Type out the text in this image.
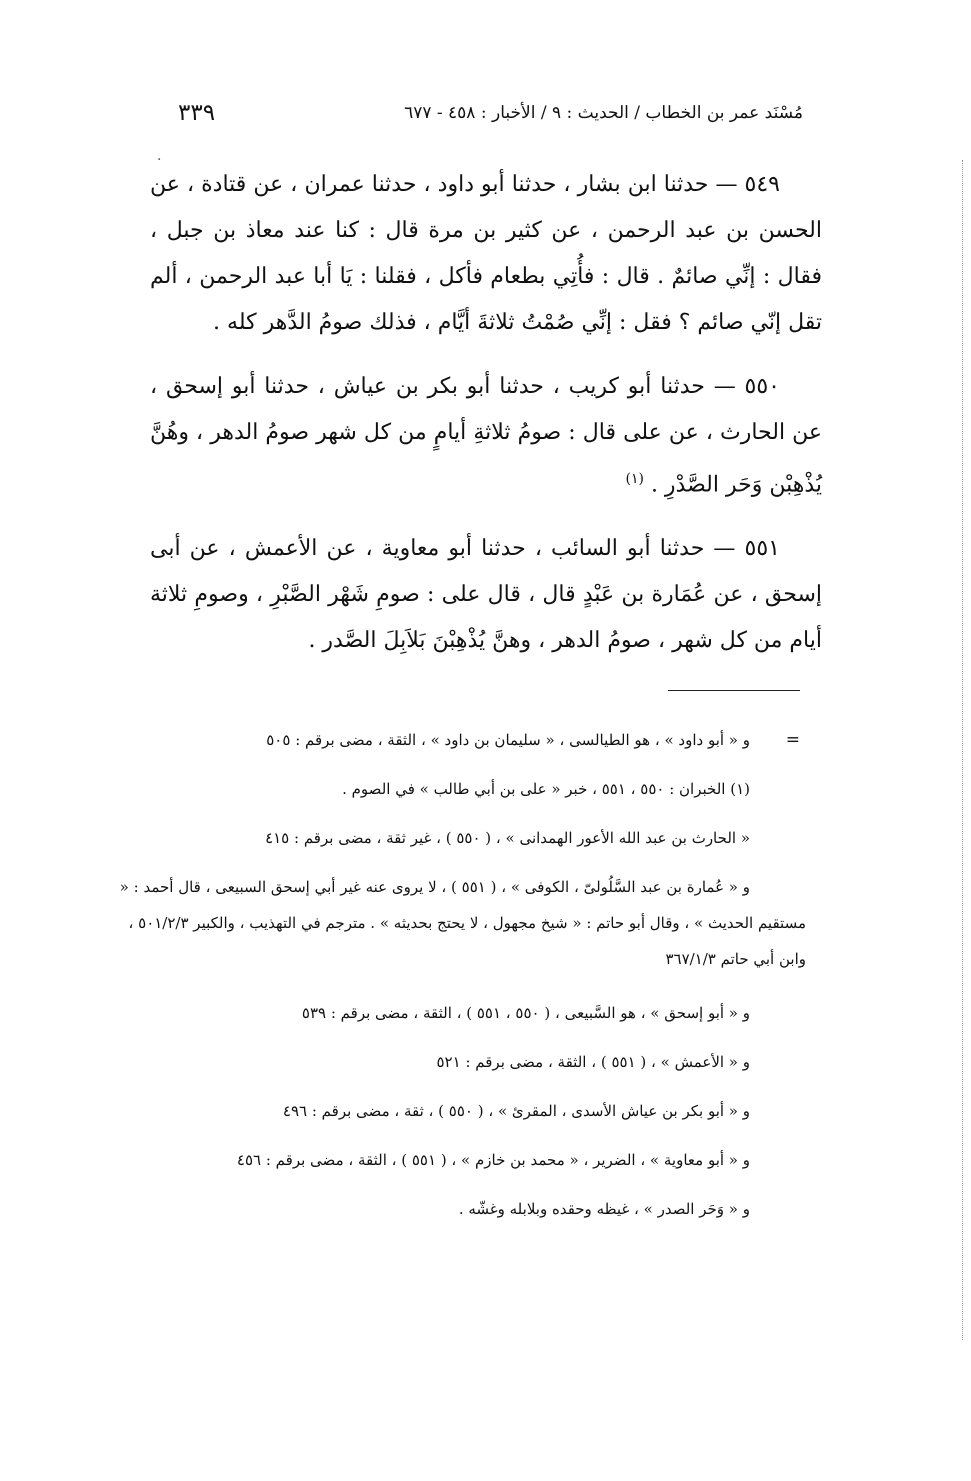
مُسْنَد عمر بن الخطاب / الحديث : ٩ / الأخبار : ٤٥٨ - ٦٧٧
٣٣٩
·

٥٤٩ — حدثنا ابن بشار ، حدثنا أبو داود ، حدثنا عمران ، عن قتادة ، عن الحسن بن عبد الرحمن ، عن كثير بن مرة قال : كنا عند معاذ بن جبل ، فقال : إنِّي صائمٌ . قال : فأُتِي بطعام فأكل ، فقلنا : يَا أبا عبد الرحمن ، ألم تقل إنّي صائم ؟ فقل : إنِّي صُمْتُ ثلاثةَ أيَّام ، فذلك صومُ الدَّهر كله .

٥٥٠ — حدثنا أبو كريب ، حدثنا أبو بكر بن عياش ، حدثنا أبو إسحق ، عن الحارث ، عن على قال : صومُ ثلاثةِ أيامٍ من كل شهر صومُ الدهر ، وهُنَّ يُذْهِبْن وَحَر الصَّدْرِ . $^{(١)}$

٥٥١ — حدثنا أبو السائب ، حدثنا أبو معاوية ، عن الأعمش ، عن أبى إسحق ، عن عُمَارة بن عَبْدٍ قال ، قال على : صومِ شَهْر الصَّبْرِ ، وصومِ ثلاثة أيام من كل شهر ، صومُ الدهر ، وهنَّ يُذْهِبْنَ بَلاَبِلَ الصَّدر .

=
و « أبو داود » ، هو الطيالسى ، « سليمان بن داود » ، الثقة ، مضى برقم : ٥٠٥

(١) الخبران : ٥٥٠ ، ٥٥١ ، خبر « على بن أبي طالب » في الصوم .

« الحارث بن عبد الله الأعور الهمدانى » ، ( ٥٥٠ ) ، غير ثقة ، مضى برقم : ٤١٥

و « عُمارة بن عبد السَّلُولىّ ، الكوفى » ، ( ٥٥١ ) ، لا يروى عنه غير أبي إسحق السبيعى ، قال أحمد : « مستقيم الحديث » ، وقال أبو حاتم : « شيخ مجهول ، لا يحتج بحديثه » . مترجم في التهذيب ، والكبير ٥٠١/٢/٣ ، وابن أبي حاتم ٣٦٧/١/٣

و « أبو إسحق » ، هو السَّبيعى ، ( ٥٥٠ ، ٥٥١ ) ، الثقة ، مضى برقم : ٥٣٩

و « الأعمش » ، ( ٥٥١ ) ، الثقة ، مضى برقم : ٥٢١

و « أبو بكر بن عياش الأسدى ، المقرئ » ، ( ٥٥٠ ) ، ثقة ، مضى برقم : ٤٩٦

و « أبو معاوية » ، الضرير ، « محمد بن خازم » ، ( ٥٥١ ) ، الثقة ، مضى برقم : ٤٥٦

و « وَحَر الصدر » ، غيظه وحقده وبلابله وغشّه .
